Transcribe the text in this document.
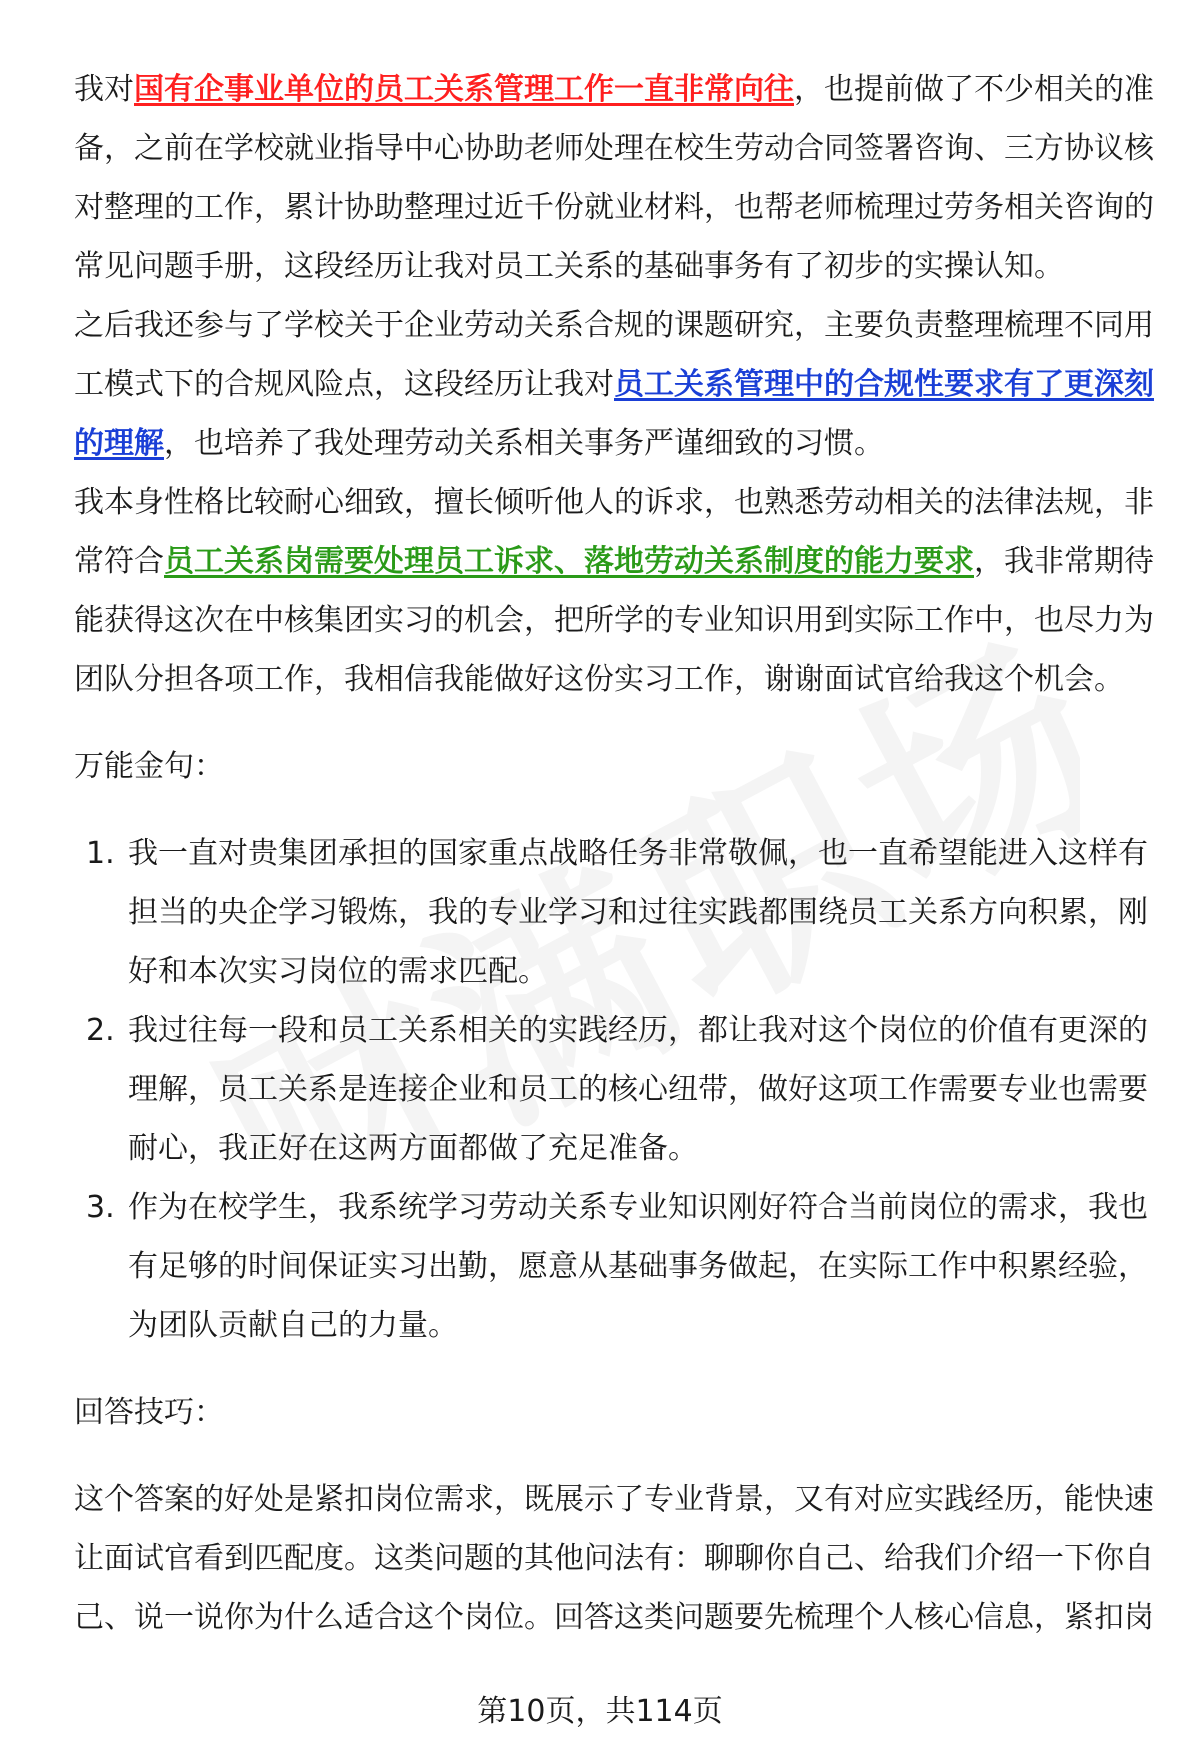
我对国有企事业单位的员工关系管理工作一直非常向往，也提前做了不少相关的准备，之前在学校就业指导中心协助老师处理在校生劳动合同签署咨询、三方协议核对整理的工作，累计协助整理过近千份就业材料，也帮老师梳理过劳务相关咨询的常见问题手册，这段经历让我对员工关系的基础事务有了初步的实操认知。

之后我还参与了学校关于企业劳动关系合规的课题研究，主要负责整理梳理不同用工模式下的合规风险点，这段经历让我对员工关系管理中的合规性要求有了更深刻的理解，也培养了我处理劳动关系相关事务严谨细致的习惯。

我本身性格比较耐心细致，擅长倾听他人的诉求，也熟悉劳动相关的法律法规，非常符合员工关系岗需要处理员工诉求、落地劳动关系制度的能力要求，我非常期待能获得这次在中核集团实习的机会，把所学的专业知识用到实际工作中，也尽力为团队分担各项工作，我相信我能做好这份实习工作，谢谢面试官给我这个机会。

万能金句：

1. 我一直对贵集团承担的国家重点战略任务非常敬佩，也一直希望能进入这样有担当的央企学习锻炼，我的专业学习和过往实践都围绕员工关系方向积累，刚好和本次实习岗位的需求匹配。
2. 我过往每一段和员工关系相关的实践经历，都让我对这个岗位的价值有更深的理解，员工关系是连接企业和员工的核心纽带，做好这项工作需要专业也需要耐心，我正好在这两方面都做了充足准备。
3. 作为在校学生，我系统学习劳动关系专业知识刚好符合当前岗位的需求，我也有足够的时间保证实习出勤，愿意从基础事务做起，在实际工作中积累经验，为团队贡献自己的力量。

回答技巧：

这个答案的好处是紧扣岗位需求，既展示了专业背景，又有对应实践经历，能快速让面试官看到匹配度。这类问题的其他问法有：聊聊你自己、给我们介绍一下你自己、说一说你为什么适合这个岗位。回答这类问题要先梳理个人核心信息，紧扣岗

第10页，共114页
